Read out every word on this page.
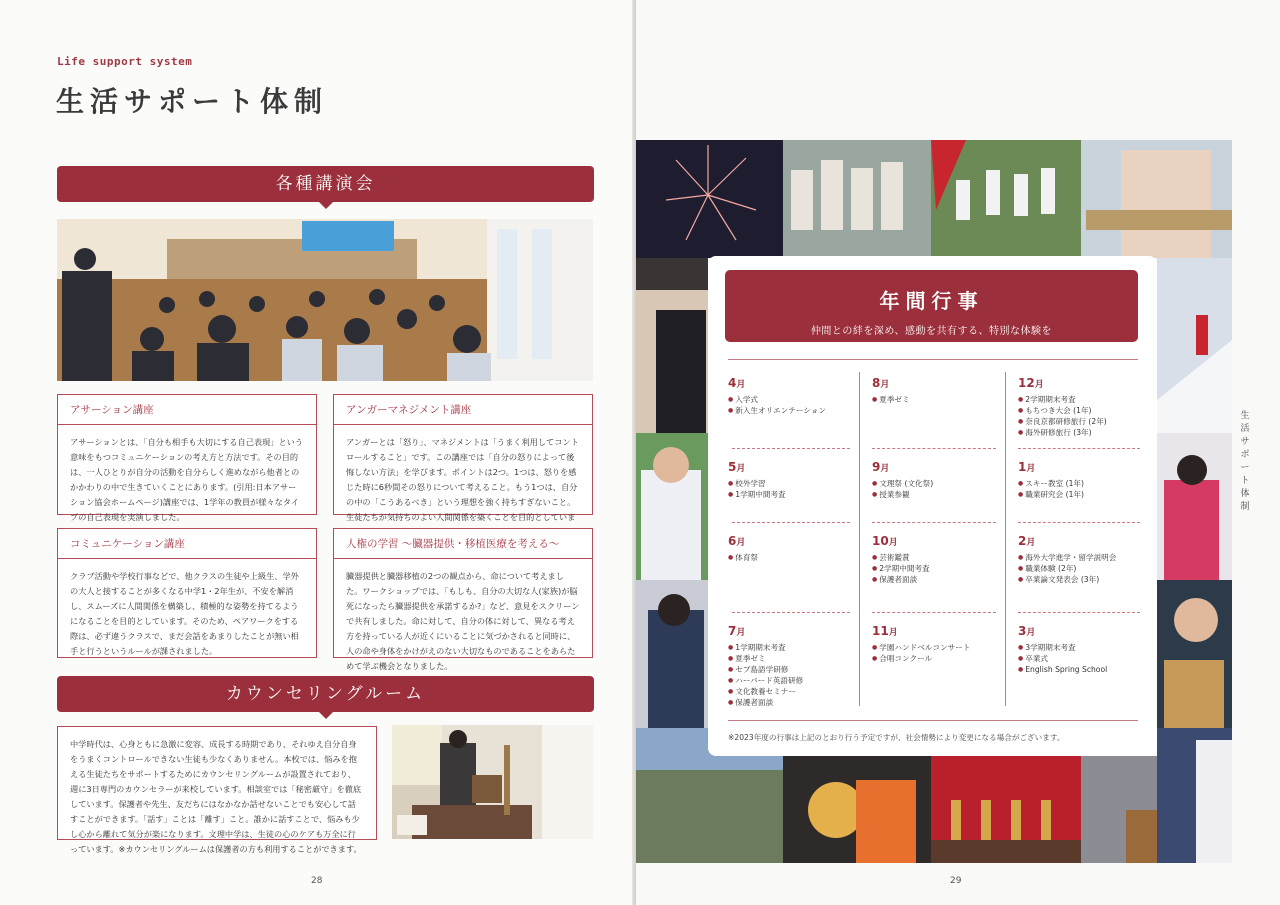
Life support system
生活サポート体制
各種講演会
アサーション講座
アサーションとは、「自分も相手も大切にする自己表現」という意味をもつコミュニケーションの考え方と方法です。その目的は、一人ひとりが自分の活動を自分らしく進めながら他者とのかかわりの中で生きていくことにあります。(引用:日本アサーション協会ホームページ)講座では、1学年の教員が様々なタイプの自己表現を実演しました。
アンガーマネジメント講座
アンガーとは「怒り」、マネジメントは「うまく利用してコントロールすること」です。この講座では「自分の怒りによって後悔しない方法」を学びます。ポイントは2つ。1つは、怒りを感じた時に6秒間その怒りについて考えること。もう1つは、自分の中の「こうあるべき」という理想を強く持ちすぎないこと。生徒たちが気持ちのよい人間関係を築くことを目的としていま
コミュニケーション講座
クラブ活動や学校行事などで、他クラスの生徒や上級生、学外の大人と接することが多くなる中学1・2年生が、不安を解消し、スムーズに人間関係を構築し、積極的な姿勢を持てるようになることを目的としています。そのため、ペアワークをする際は、必ず違うクラスで、まだ会話をあまりしたことが無い相手と行うというルールが課されました。
人権の学習 〜臓器提供・移植医療を考える〜
臓器提供と臓器移植の2つの観点から、命について考えました。ワークショップでは、「もしも、自分の大切な人(家族)が脳死になったら臓器提供を承諾するか?」など、意見をスクリーンで共有しました。命に対して、自分の体に対して、異なる考え方を持っている人が近くにいることに気づかされると同時に、人の命や身体をかけがえのない大切なものであることをあらためて学ぶ機会となりました。
カウンセリングルーム
中学時代は、心身ともに急激に変容、成長する時期であり、それゆえ自分自身をうまくコントロールできない生徒も少なくありません。本校では、悩みを抱える生徒たちをサポートするためにカウンセリングルームが設置されており、週に3日専門のカウンセラーが来校しています。相談室では「秘密厳守」を徹底しています。保護者や先生、友だちにはなかなか話せないことでも安心して話すことができます。「話す」ことは「離す」こと。誰かに話すことで、悩みも少し心から離れて気分が楽になります。文理中学は、生徒の心のケアも万全に行っています。※カウンセリングルームは保護者の方も利用することができます。
28
年間行事
仲間との絆を深め、感動を共有する、特別な体験を
4月
● 入学式
● 新入生オリエンテーション
8月
● 夏季ゼミ
12月
● 2学期期末考査
● もちつき大会 (1年)
● 奈良京都研修旅行 (2年)
● 海外研修旅行 (3年)
5月
● 校外学習
● 1学期中間考査
9月
● 文理祭 (文化祭)
● 授業参観
1月
● スキー教室 (1年)
● 職業研究会 (1年)
6月
● 体育祭
10月
● 芸術鑑賞
● 2学期中間考査
● 保護者面談
2月
● 海外大学進学・留学説明会
● 職業体験 (2年)
● 卒業論文発表会 (3年)
7月
● 1学期期末考査
● 夏季ゼミ
● セブ島語学研修
● ハーバード英語研修
● 文化教養セミナー
● 保護者面談
11月
● 学園ハンドベルコンサート
● 合唱コンクール
3月
● 3学期期末考査
● 卒業式
● English Spring School
※2023年度の行事は上記のとおり行う予定ですが、社会情勢により変更になる場合がございます。
生活サポート体制
29
